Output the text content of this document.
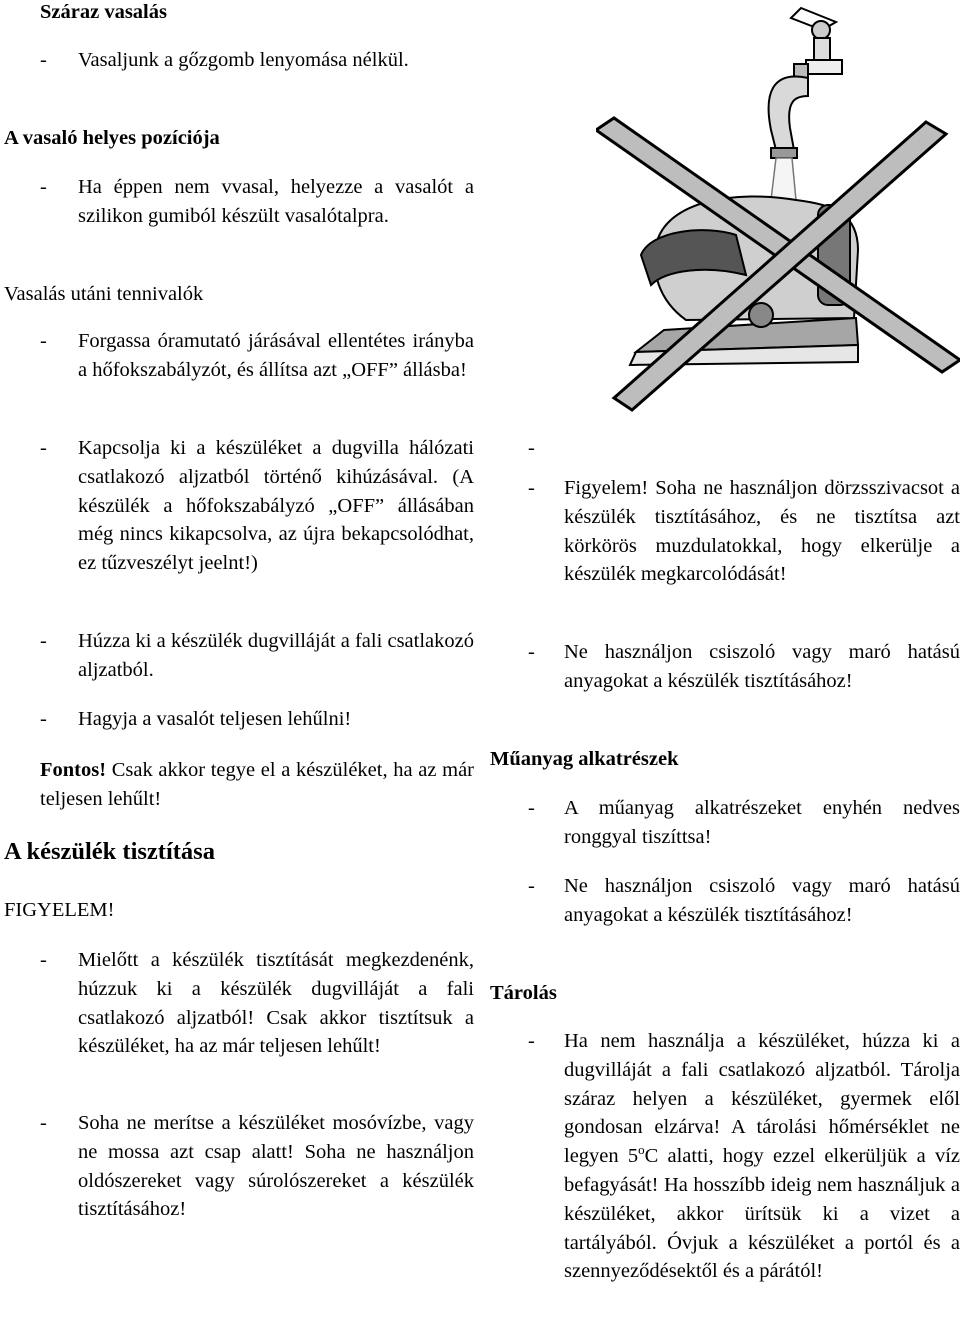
Száraz vasalás

- Vasaljunk a gőzgomb lenyomása nélkül.

A vasaló helyes pozíciója

- Ha éppen nem vvasal, helyezze a vasalót a szilikon gumiból készült vasalótalpra.

Vasalás utáni tennivalók

- Forgassa óramutató járásával ellentétes irányba a hőfokszabályzót, és állítsa azt „OFF” állásba!
- Kapcsolja ki a készüléket a dugvilla hálózati csatlakozó aljzatból történő kihúzásával. (A készülék a hőfokszabályzó „OFF” állásában még nincs kikapcsolva, az újra bekapcsolódhat, ez tűzveszélyt jeelnt!)
- Húzza ki a készülék dugvilláját a fali csatlakozó aljzatból.
- Hagyja a vasalót teljesen lehűlni!

Fontos! Csak akkor tegye el a készüléket, ha az már teljesen lehűlt!

A készülék tisztítása

FIGYELEM!

- Mielőtt a készülék tisztítását megkezdenénk, húzzuk ki a készülék dugvilláját a fali csatlakozó aljzatból! Csak akkor tisztítsuk a készüléket, ha az már teljesen lehűlt!
- Soha ne merítse a készüléket mosóvízbe, vagy ne mossa azt csap alatt! Soha ne használjon oldószereket vagy súrolószereket a készülék tisztításához!
-
- Figyelem! Soha ne használjon dörzsszivacsot a készülék tisztításához, és ne tisztítsa azt körkörös muzdulatokkal, hogy elkerülje a készülék megkarcolódását!
- Ne használjon csiszoló vagy maró hatású anyagokat a készülék tisztításához!

Műanyag alkatrészek

- A műanyag alkatrészeket enyhén nedves ronggyal tiszíttsa!
- Ne használjon csiszoló vagy maró hatású anyagokat a készülék tisztításához!

Tárolás

- Ha nem használja a készüléket, húzza ki a dugvilláját a fali csatlakozó aljzatból. Tárolja száraz helyen a készüléket, gyermek elől gondosan elzárva! A tárolási hőmérséklet ne legyen 5$^o$C alatti, hogy ezzel elkerüljük a víz befagyását! Ha hosszíbb ideig nem használjuk a készüléket, akkor ürítsük ki a vizet a tartályából. Óvjuk a készüléket a portól és a szennyeződésektől és a párától!
